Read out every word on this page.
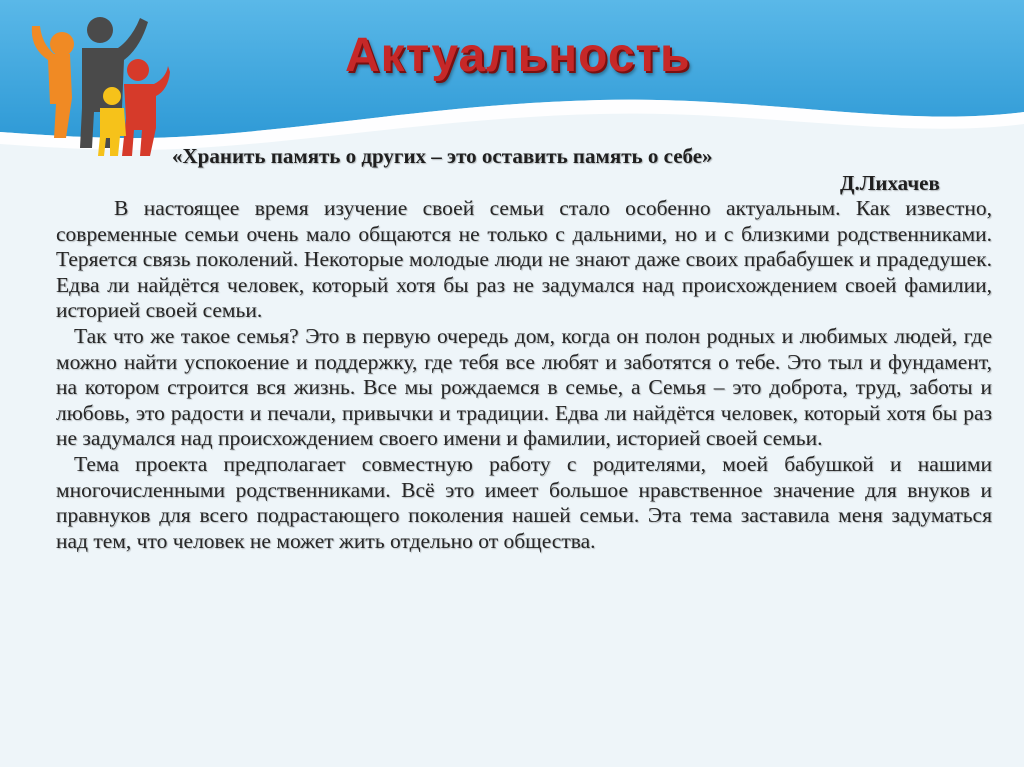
Актуальность

«Хранить память о других – это оставить память о себе»

Д.Лихачев

В настоящее время изучение своей семьи стало особенно актуальным. Как известно, современные семьи очень мало общаются не только с дальними, но и с близкими родственниками. Теряется связь поколений. Некоторые молодые люди не знают даже своих прабабушек и прадедушек. Едва ли найдётся человек, который хотя бы раз не задумался над происхождением своей фамилии, историей своей семьи.

Так что же такое семья? Это в первую очередь дом, когда он полон родных и любимых людей, где можно найти успокоение и поддержку, где тебя все любят и заботятся о тебе. Это тыл и фундамент, на котором строится вся жизнь. Все мы рождаемся в семье, а Семья – это доброта, труд, заботы и любовь, это радости и печали, привычки и традиции. Едва ли найдётся человек, который хотя бы раз не задумался над происхождением своего имени и фамилии, историей своей семьи.

Тема проекта предполагает совместную работу с родителями, моей бабушкой и нашими многочисленными родственниками. Всё это имеет большое нравственное значение для внуков и правнуков для всего подрастающего поколения нашей семьи. Эта тема заставила меня задуматься над тем, что человек не может жить отдельно от общества.
